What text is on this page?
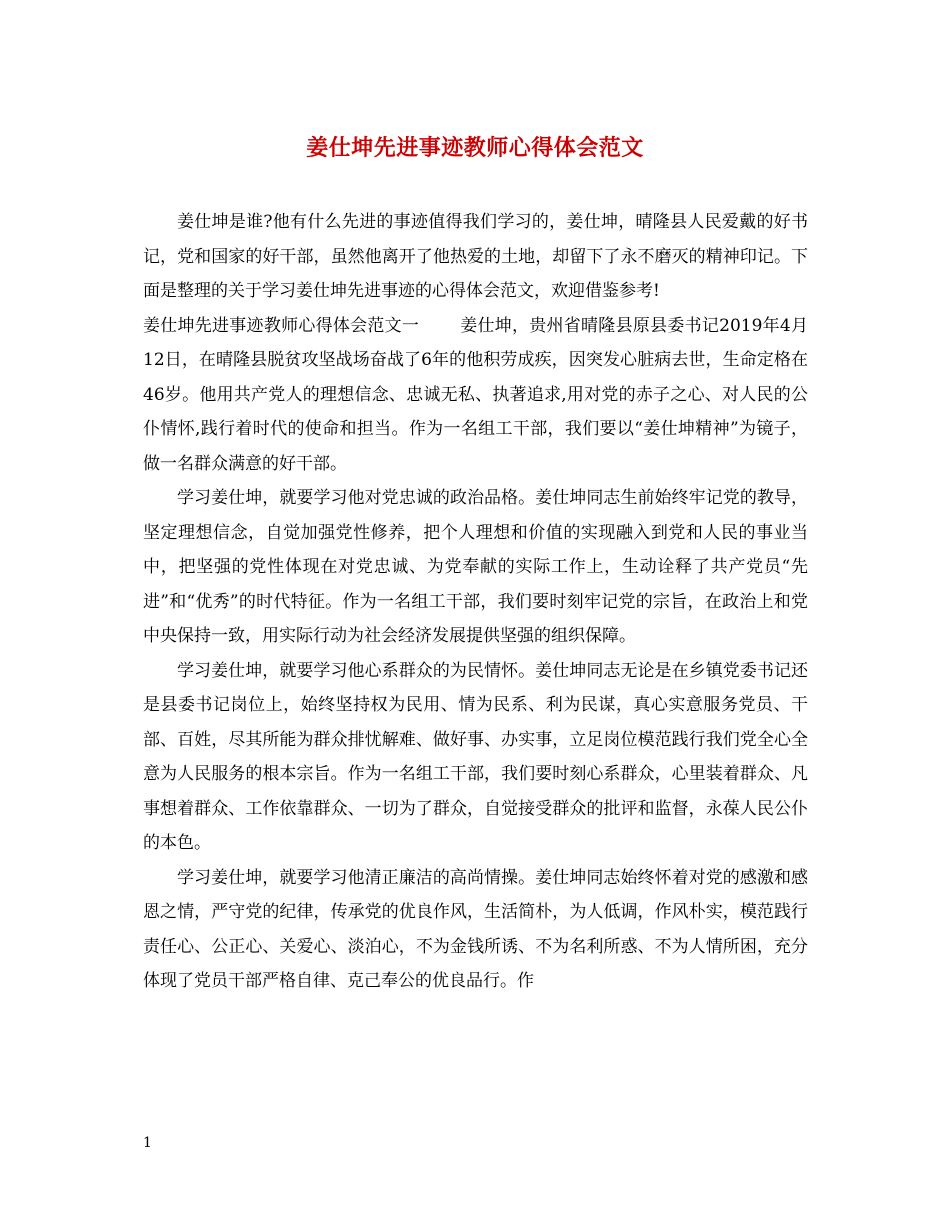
姜仕坤先进事迹教师心得体会范文

姜仕坤是谁?他有什么先进的事迹值得我们学习的，姜仕坤，晴隆县人民爱戴的好书记，党和国家的好干部，虽然他离开了他热爱的土地，却留下了永不磨灭的精神印记。下面是整理的关于学习姜仕坤先进事迹的心得体会范文，欢迎借鉴参考!

姜仕坤先进事迹教师心得体会范文一 姜仕坤，贵州省晴隆县原县委书记2019年4月12日，在晴隆县脱贫攻坚战场奋战了6年的他积劳成疾，因突发心脏病去世，生命定格在46岁。他用共产党人的理想信念、忠诚无私、执著追求,用对党的赤子之心、对人民的公仆情怀,践行着时代的使命和担当。作为一名组工干部，我们要以“姜仕坤精神”为镜子，做一名群众满意的好干部。

学习姜仕坤，就要学习他对党忠诚的政治品格。姜仕坤同志生前始终牢记党的教导，坚定理想信念，自觉加强党性修养，把个人理想和价值的实现融入到党和人民的事业当中，把坚强的党性体现在对党忠诚、为党奉献的实际工作上，生动诠释了共产党员“先进”和“优秀”的时代特征。作为一名组工干部，我们要时刻牢记党的宗旨，在政治上和党中央保持一致，用实际行动为社会经济发展提供坚强的组织保障。

学习姜仕坤，就要学习他心系群众的为民情怀。姜仕坤同志无论是在乡镇党委书记还是县委书记岗位上，始终坚持权为民用、情为民系、利为民谋，真心实意服务党员、干部、百姓，尽其所能为群众排忧解难、做好事、办实事，立足岗位模范践行我们党全心全意为人民服务的根本宗旨。作为一名组工干部，我们要时刻心系群众，心里装着群众、凡事想着群众、工作依靠群众、一切为了群众，自觉接受群众的批评和监督，永葆人民公仆的本色。

学习姜仕坤，就要学习他清正廉洁的高尚情操。姜仕坤同志始终怀着对党的感激和感恩之情，严守党的纪律，传承党的优良作风，生活简朴，为人低调，作风朴实，模范践行责任心、公正心、关爱心、淡泊心，不为金钱所诱、不为名利所惑、不为人情所困，充分体现了党员干部严格自律、克己奉公的优良品行。作

1
